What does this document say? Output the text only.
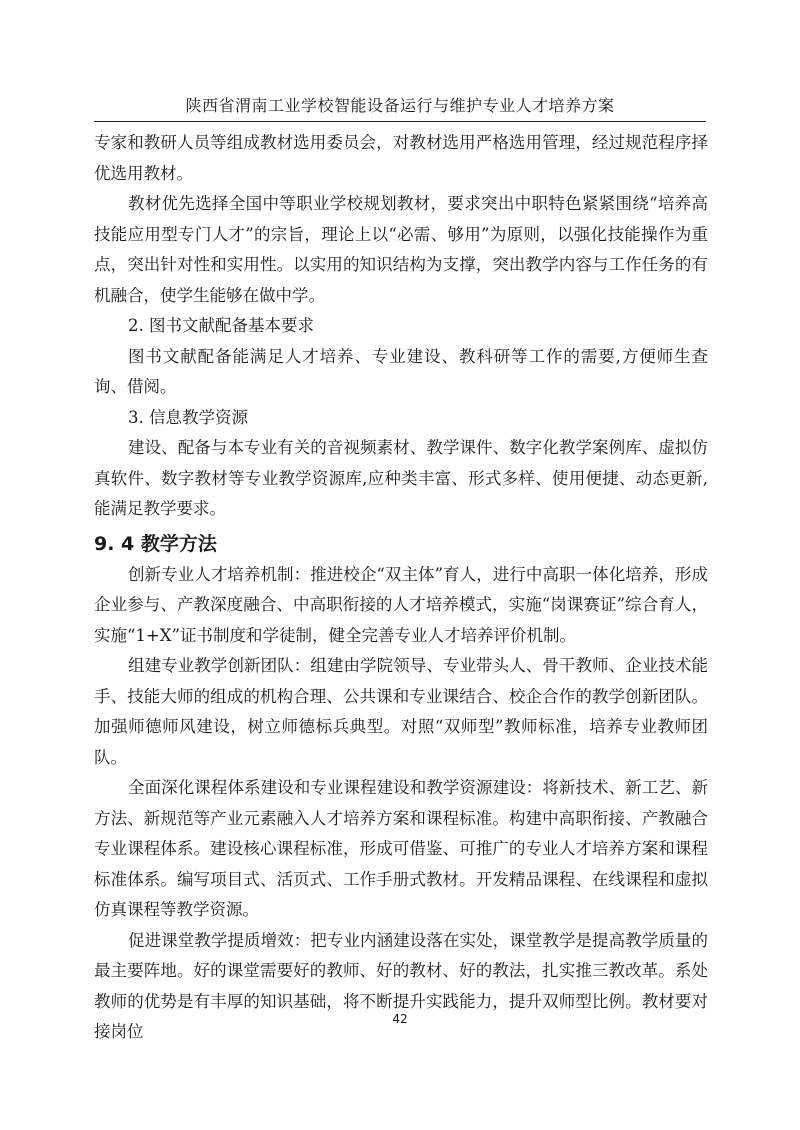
陕西省渭南工业学校智能设备运行与维护专业人才培养方案

专家和教研人员等组成教材选用委员会，对教材选用严格选用管理，经过规范程序择优选用教材。

教材优先选择全国中等职业学校规划教材，要求突出中职特色紧紧围绕“培养高技能应用型专门人才”的宗旨，理论上以“必需、够用”为原则，以强化技能操作为重点，突出针对性和实用性。以实用的知识结构为支撑，突出教学内容与工作任务的有机融合，使学生能够在做中学。

2. 图书文献配备基本要求

图书文献配备能满足人才培养、专业建设、教科研等工作的需要,方便师生查询、借阅。

3. 信息教学资源

建设、配备与本专业有关的音视频素材、教学课件、数字化教学案例库、虚拟仿真软件、数字教材等专业教学资源库,应种类丰富、形式多样、使用便捷、动态更新,能满足教学要求。

9. 4 教学方法

创新专业人才培养机制：推进校企“双主体”育人，进行中高职一体化培养，形成企业参与、产教深度融合、中高职衔接的人才培养模式，实施“岗课赛证”综合育人，实施“1+X”证书制度和学徒制，健全完善专业人才培养评价机制。

组建专业教学创新团队：组建由学院领导、专业带头人、骨干教师、企业技术能手、技能大师的组成的机构合理、公共课和专业课结合、校企合作的教学创新团队。加强师德师风建设，树立师德标兵典型。对照“双师型”教师标准，培养专业教师团队。

全面深化课程体系建设和专业课程建设和教学资源建设：将新技术、新工艺、新方法、新规范等产业元素融入人才培养方案和课程标准。构建中高职衔接、产教融合专业课程体系。建设核心课程标准，形成可借鉴、可推广的专业人才培养方案和课程标准体系。编写项目式、活页式、工作手册式教材。开发精品课程、在线课程和虚拟仿真课程等教学资源。

促进课堂教学提质增效：把专业内涵建设落在实处，课堂教学是提高教学质量的最主要阵地。好的课堂需要好的教师、好的教材、好的教法，扎实推三教改革。系处教师的优势是有丰厚的知识基础，将不断提升实践能力，提升双师型比例。教材要对接岗位

42
